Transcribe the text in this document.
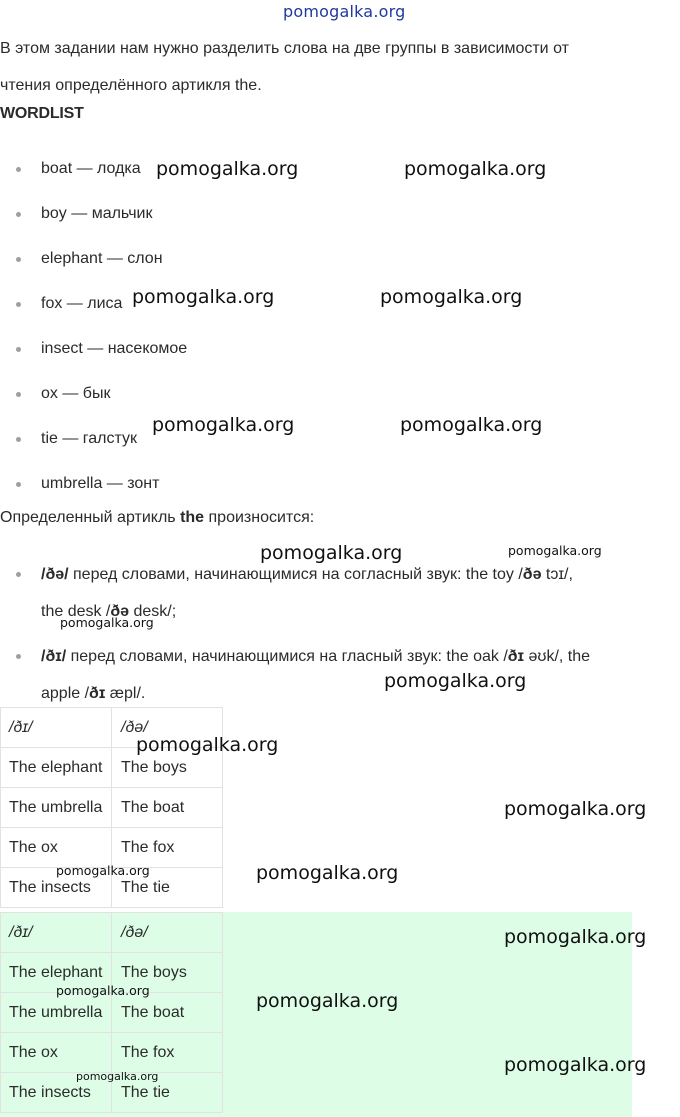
pomogalka.org

В этом задании нам нужно разделить слова на две группы в зависимости от

чтения определённого артикля the.

WORDLIST
boat — лодка
boy — мальчик
elephant — слон
fox — лиса
insect — насекомое
ox — бык
tie — галстук
umbrella — зонт
Определенный артикль the произносится:
/ðə/ перед словами, начинающимися на согласный звук: the toy /ðə tɔɪ/,
the desk /ðə desk/;
/ðɪ/ перед словами, начинающимися на гласный звук: the oak /ðɪ əʊk/, the
apple /ðɪ æpl/.
/ðɪ/	/ðə/
The elephant	The boys
The umbrella	The boat
The ox	The fox
The insects	The tie
/ðɪ/	/ðə/
The elephant	The boys
The umbrella	The boat
The ox	The fox
The insects	The tie
pomogalka.org	pomogalka.org
pomogalka.org	pomogalka.org
pomogalka.org	pomogalka.org
pomogalka.org	pomogalka.org
pomogalka.org
pomogalka.org
pomogalka.org
pomogalka.org
pomogalka.org	pomogalka.org
pomogalka.org
pomogalka.org	pomogalka.org
pomogalka.org
pomogalka.org
